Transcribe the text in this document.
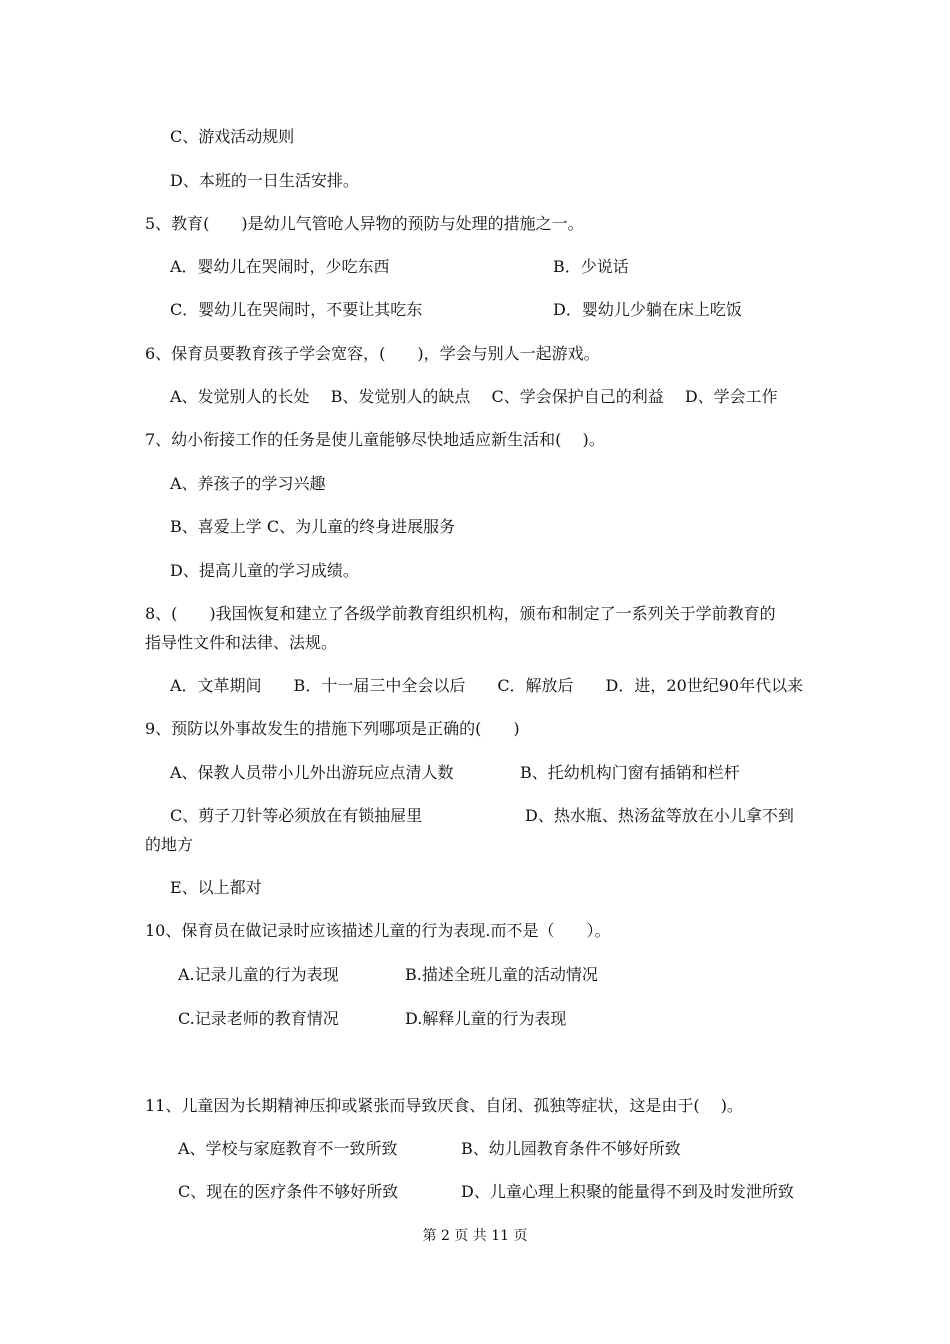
C、游戏活动规则
D、本班的一日生活安排。
5、教育(　　)是幼儿气管呛人异物的预防与处理的措施之一。
A．婴幼儿在哭闹时，少吃东西	B．少说话
C．婴幼儿在哭闹时，不要让其吃东	D．婴幼儿少躺在床上吃饭
6、保育员要教育孩子学会宽容，(　　)，学会与别人一起游戏。
A、发觉别人的长处　 B、发觉别人的缺点　 C、学会保护自己的利益　 D、学会工作
7、幼小衔接工作的任务是使儿童能够尽快地适应新生活和(　 )。
A、养孩子的学习兴趣
B、喜爱上学 C、为儿童的终身进展服务
D、提高儿童的学习成绩。
8、(　　)我国恢复和建立了各级学前教育组织机构，颁布和制定了一系列关于学前教育的
指导性文件和法律、法规。
A．文革期间　　B．十一届三中全会以后　　C．解放后　　D．进，20世纪90年代以来
9、预防以外事故发生的措施下列哪项是正确的(　　)
A、保教人员带小儿外出游玩应点清人数	B、托幼机构门窗有插销和栏杆
C、剪子刀针等必须放在有锁抽屉里	D、热水瓶、热汤盆等放在小儿拿不到
的地方
E、以上都对
10、保育员在做记录时应该描述儿童的行为表现.而不是（　　）。
A.记录儿童的行为表现	B.描述全班儿童的活动情况
C.记录老师的教育情况	D.解释儿童的行为表现
11、儿童因为长期精神压抑或紧张而导致厌食、自闭、孤独等症状，这是由于(　 )。
A、学校与家庭教育不一致所致	B、幼儿园教育条件不够好所致
C、现在的医疗条件不够好所致	D、儿童心理上积聚的能量得不到及时发泄所致
第 2 页 共 11 页
